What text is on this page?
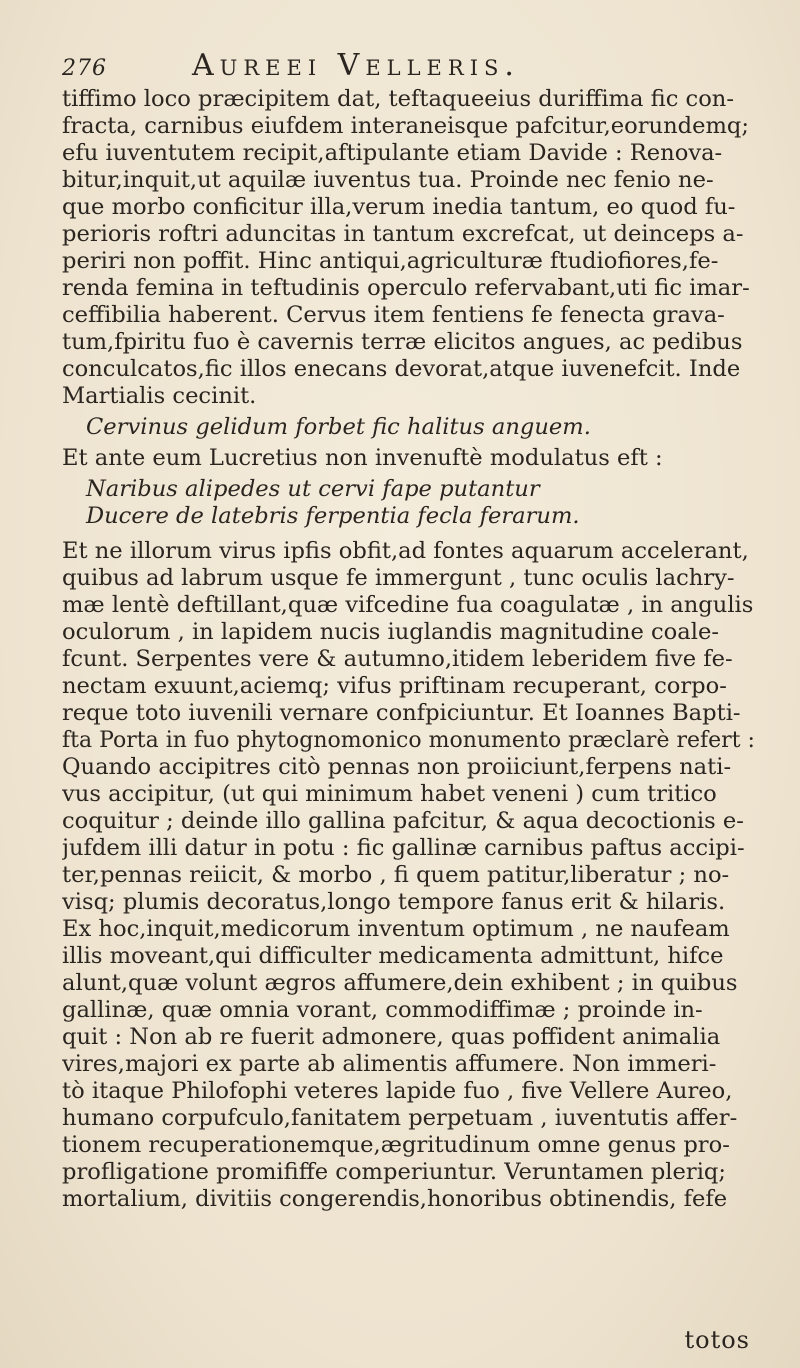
276	Aureei Velleris.
tiffimo loco præcipitem dat, teftaqueeius duriffima fic con-
fracta, carnibus eiufdem interaneisque pafcitur,eorundemq;
efu iuventutem recipit,aftipulante etiam Davide : Renova-
bitur,inquit,ut aquilæ iuventus tua. Proinde nec fenio ne-
que morbo conficitur illa,verum inedia tantum, eo quod fu-
perioris roftri aduncitas in tantum excrefcat, ut deinceps a-
periri non poffit. Hinc antiqui,agriculturæ ftudiofiores,fe-
renda femina in teftudinis operculo refervabant,uti fic imar-
ceffibilia haberent. Cervus item fentiens fe fenecta grava-
tum,fpiritu fuo è cavernis terræ elicitos angues, ac pedibus
conculcatos,fic illos enecans devorat,atque iuvenefcit. Inde
Martialis cecinit.
Cervinus gelidum forbet fic halitus anguem.
Et ante eum Lucretius non invenuftè modulatus eft :
Naribus alipedes ut cervi fape putantur
Ducere de latebris ferpentia fecla ferarum.
Et ne illorum virus ipfis obfit,ad fontes aquarum accelerant,
quibus ad labrum usque fe immergunt , tunc oculis lachry-
mæ lentè deftillant,quæ vifcedine fua coagulatæ , in angulis
oculorum , in lapidem nucis iuglandis magnitudine coale-
fcunt. Serpentes vere & autumno,itidem leberidem five fe-
nectam exuunt,aciemq; vifus priftinam recuperant, corpo-
reque toto iuvenili vernare confpiciuntur. Et Ioannes Bapti-
fta Porta in fuo phytognomonico monumento præclarè refert :
Quando accipitres citò pennas non proiiciunt,ferpens nati-
vus accipitur, (ut qui minimum habet veneni ) cum tritico
coquitur ; deinde illo gallina pafcitur, & aqua decoctionis e-
jufdem illi datur in potu : fic gallinæ carnibus paftus accipi-
ter,pennas reiicit, & morbo , fi quem patitur,liberatur ; no-
visq; plumis decoratus,longo tempore fanus erit & hilaris.
Ex hoc,inquit,medicorum inventum optimum , ne naufeam
illis moveant,qui difficulter medicamenta admittunt, hifce
alunt,quæ volunt ægros affumere,dein exhibent ; in quibus
gallinæ, quæ omnia vorant, commodiffimæ ; proinde in-
quit : Non ab re fuerit admonere, quas poffident animalia
vires,majori ex parte ab alimentis affumere. Non immeri-
tò itaque Philofophi veteres lapide fuo , five Vellere Aureo,
humano corpufculo,fanitatem perpetuam , iuventutis affer-
tionem recuperationemque,ægritudinum omne genus pro-
profligatione promififfe comperiuntur. Veruntamen pleriq;
mortalium, divitiis congerendis,honoribus obtinendis, fefe
totos
